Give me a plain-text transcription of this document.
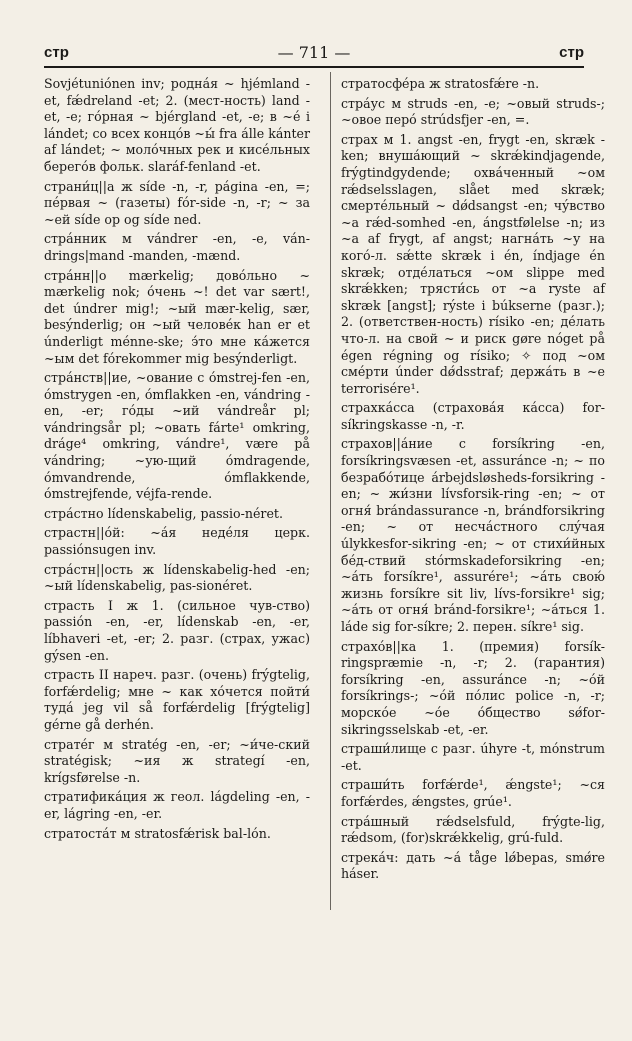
стр	— 711 —	стр

Sovjétuniónen inv; роднáя ~ hjémland -et, fǽdreland -et; 2. (мест-ность) land -et, -e; гóрная ~ bjérgland -et, -e; в ~é i lándet; со всех концóв ~ы́ fra álle kánter af lándet; ~ молóчных рек и кисéльных берегóв фольк. slaráf-fenland -et.

страни́ц||а ж síde -n, -r, página -en, =; пéрвая ~ (газеты) fór-side -n, -r; ~ за ~ей síde op og síde ned.

стрáнник м vándrer -en, -e, ván-drings|mand -manden, -mænd.

стрáнн||о mærkelig; довóльно ~ mærkelig nok; óчень ~! det var sært!, det úndrer mig!; ~ый mær-kelig, sær, besýnderlig; он ~ый человéк han er et únderligt ménne-ske; э́то мне кáжется ~ым det fórekommer mig besýnderligt.

стрáнств||ие, ~ование с ómstrej-fen -en, ómstrygen -en, ómflakken -en, vándring -en, -er; гóды ~ий vándreår pl; vándringsår pl; ~овать fárte¹ omkring, dráge⁴ omkring, vándre¹, være på vándring; ~ую-щий ómdragende, ómvandrende, ómflakkende, ómstrejfende, véjfa-rende.

стрáстно lídenskabelig, passio-néret.

страстн||óй: ~áя недéля церк. passiónsugen inv.

стрáстн||ость ж lídenskabelig-hed -en; ~ый lídenskabelig, pas-sionéret.

страсть I ж 1. (сильное чув-ство) passión -en, -er, lídenskab -en, -er, líbhaveri -et, -er; 2. разг. (страх, ужас) gýsen -en.

страсть II нареч. разг. (очень) frýgtelig, forfǽrdelig; мне ~ как хóчется пойти́ тудá jeg vil så forfǽrdelig [frýgtelig] gérne gå derhén.

стратéг м stratég -en, -er; ~и́че-ский stratégisk; ~ия ж strategí -en, krígsførelse -n.

стратифика́ция ж геол. lágdeling -en, -er, lágring -en, -er.

стратостáт м stratosfǽrisk bal-lón.

стратосфéра ж stratosfǽre -n.

стрáус м struds -en, -e; ~овый struds-; ~овое перó strúdsfjer -en, =.

страх м 1. angst -en, frygt -en, skræk -ken; внушáющий ~ skrǽkindjagende, frýgtindgydende; охвáченный ~ом rǽdselsslagen, slået med skræk; смертéльный ~ dǿdsangst -en; чýвство ~а rǽd-somhed -en, ángstfølelse -n; из ~а af frygt, af angst; нагнáть ~у на когó-л. sǽtte skræk i én, índjage én skræk; отдéлаться ~ом slippe med skrǽkken; трясти́сь от ~а ryste af skræk [angst]; rýste i búkserne (разг.); 2. (ответствен-ность) rísiko -en; дéлать что-л. на свой ~ и риск gøre nóget på égen régning og rísiko; ✧ под ~ом смéрти únder dǿdsstraf; держáть в ~е terrorisére¹.

страхкáсса (страховáя кáсса) for-síkringskasse -n, -r.

страхов||áние с forsíkring -en, forsíkringsvæsen -et, assuránce -n; ~ по безрабóтице árbejdsløsheds-forsikring -en; ~ жи́зни lívsforsik-ring -en; ~ от огня́ brándassurance -n, brándforsikring -en; ~ от несчáстного слýчая úlykkesfor-sikring -en; ~ от стихи́йных бéд-ствий stórmskadeforsikring -en; ~áть forsíkre¹, assurére¹; ~áть свою́ жизнь forsíkre sit liv, lívs-forsikre¹ sig; ~áть от огня́ bránd-forsikre¹; ~áться 1. láde sig for-síkre; 2. перен. síkre¹ sig.

страхóв||ка 1. (премия) forsík-ringspræmie -n, -r; 2. (гарантия) forsíkring -en, assuránce -n; ~óй forsíkrings-; ~óй пóлис police -n, -r; морскóе ~óе óбщество sǿfor-sikringsselskab -et, -er.

страши́лище с разг. úhyre -t, mónstrum -et.

страши́ть forfǽrde¹, ǽngste¹; ~ся forfǽrdes, ǽngstes, grúe¹.

стрáшный rǽdselsfuld, frýgte-lig, rǽdsom, (for)skrǽkkelig, grú-fuld.

стрекáч: дать ~á tåge lǿbepas, smǿre háser.
